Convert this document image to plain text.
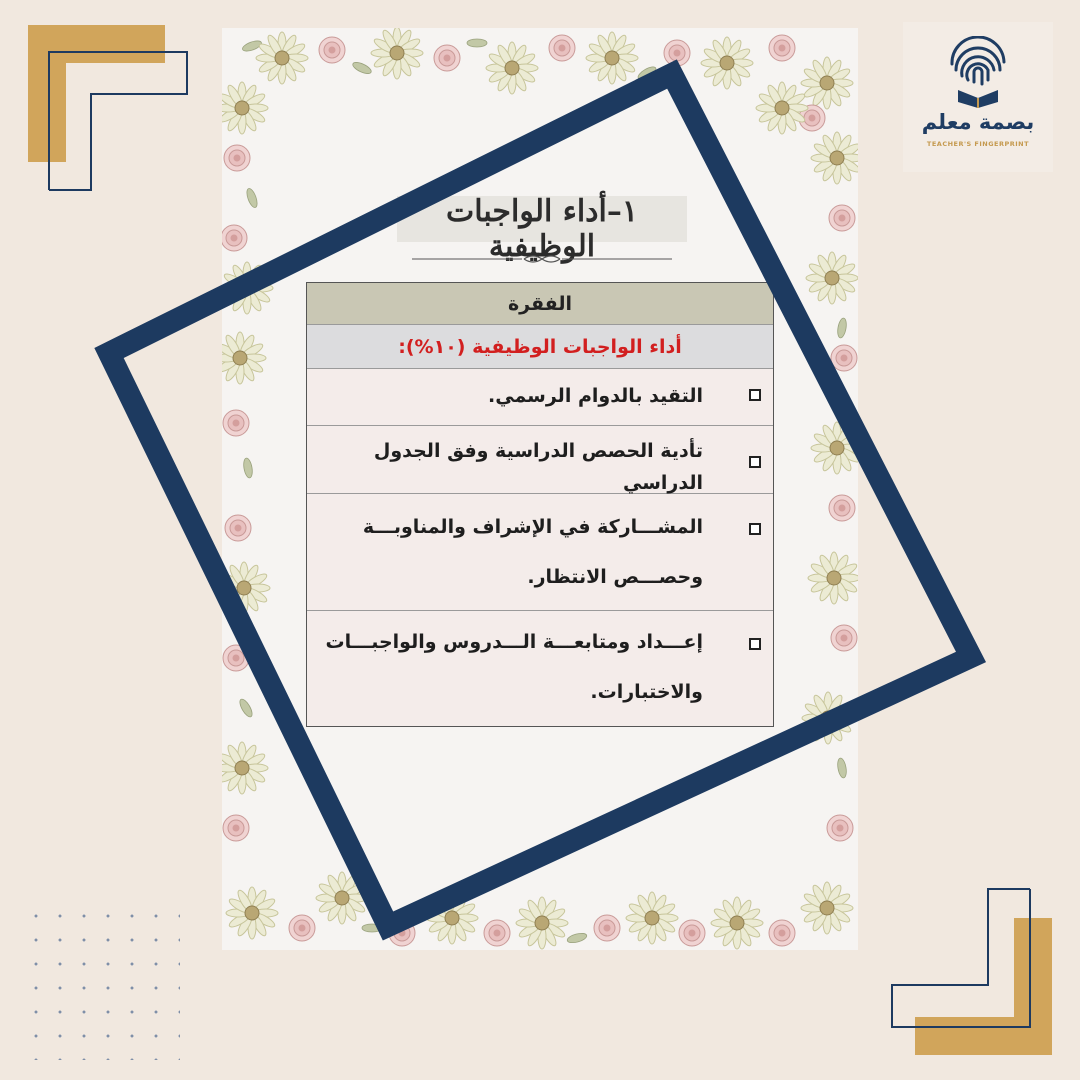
بصمة معلم
TEACHER'S FINGERPRINT
١–أداء الواجبات الوظيفية
الفقرة
أداء الواجبات الوظيفية (١٠%):
التقيد بالدوام الرسمي.
تأدية الحصص الدراسية وفق الجدول الدراسي
المشـــاركة في الإشراف والمناوبـــة وحصـــص الانتظار.
إعـــداد ومتابعـــة الـــدروس والواجبـــات والاختبارات.
